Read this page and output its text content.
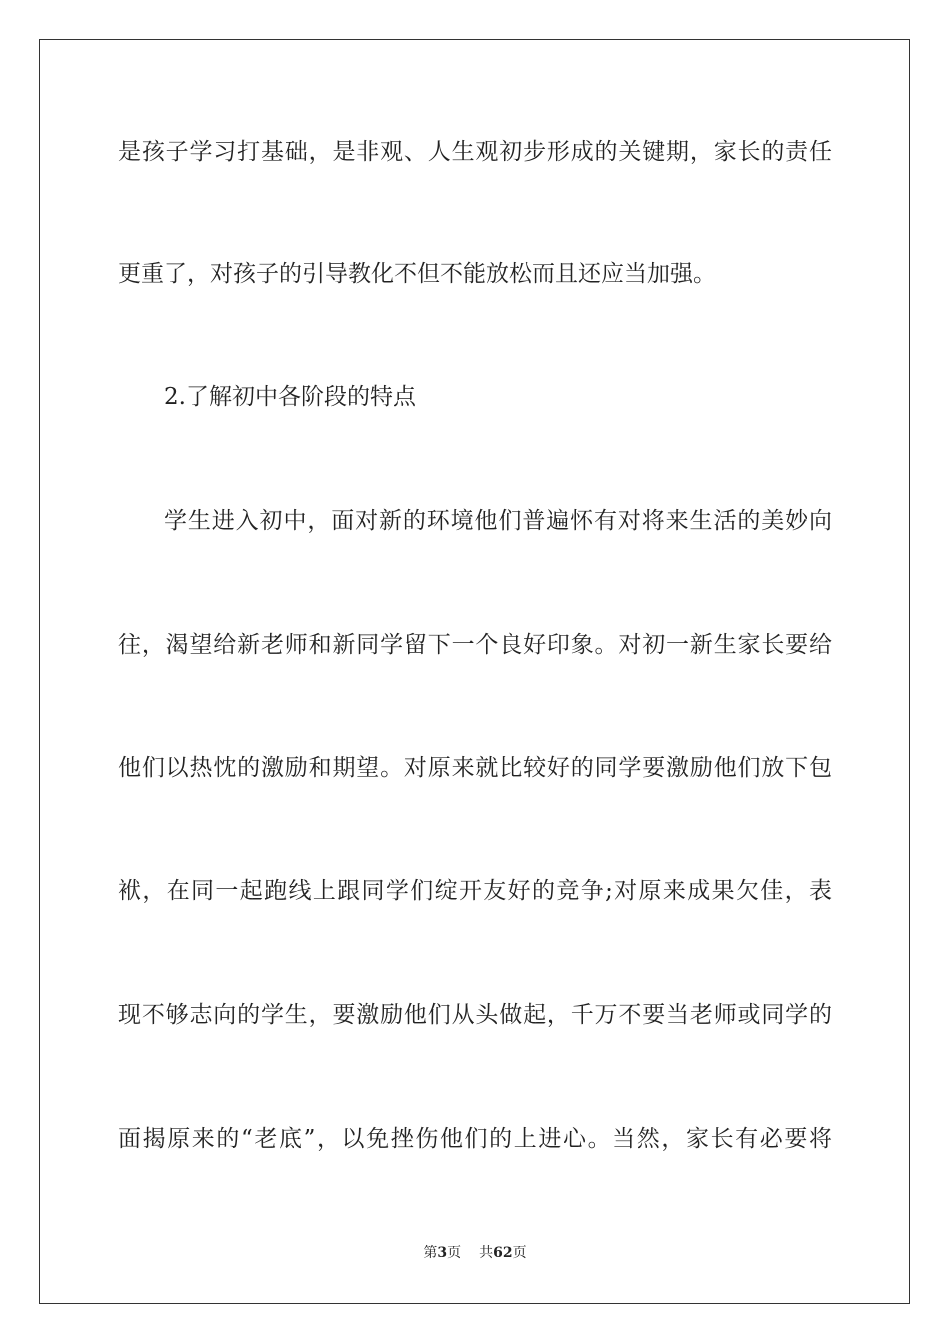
是孩子学习打基础，是非观、人生观初步形成的关键期，家长的责任
更重了，对孩子的引导教化不但不能放松而且还应当加强。
2.了解初中各阶段的特点
学生进入初中，面对新的环境他们普遍怀有对将来生活的美妙向
往，渴望给新老师和新同学留下一个良好印象。对初一新生家长要给
他们以热忱的激励和期望。对原来就比较好的同学要激励他们放下包
袱，在同一起跑线上跟同学们绽开友好的竞争;对原来成果欠佳，表
现不够志向的学生，要激励他们从头做起，千万不要当老师或同学的
面揭原来的“老底”，以免挫伤他们的上进心。当然，家长有必要将
第3页 共62页
